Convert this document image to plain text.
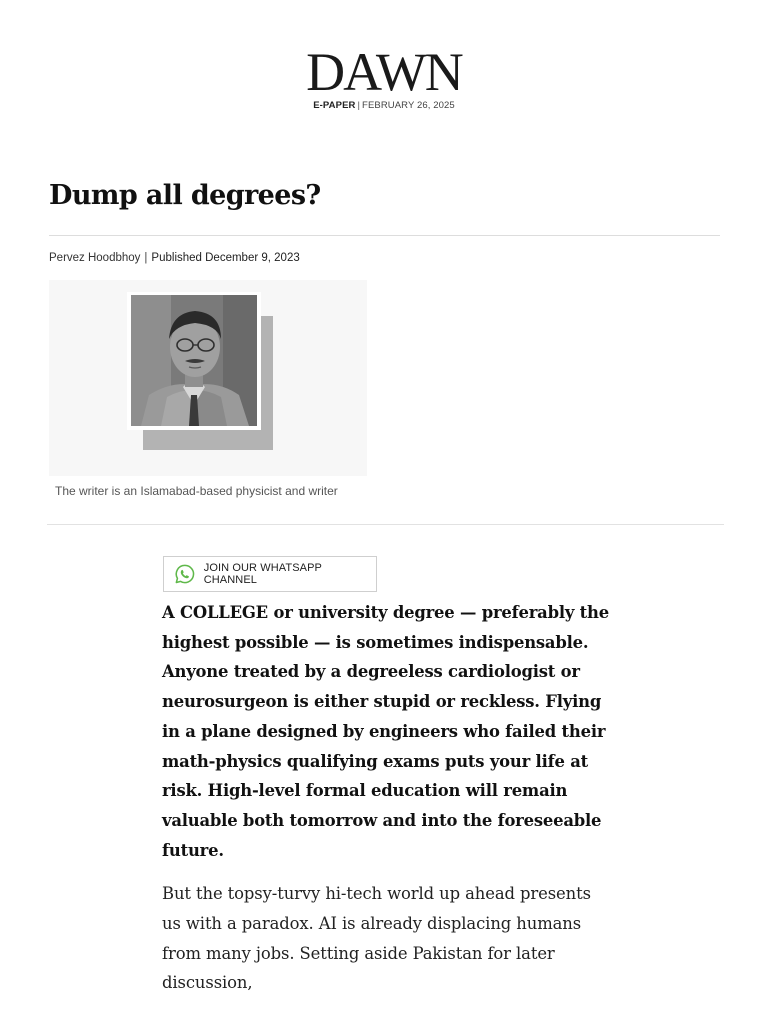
DAWN
E-PAPER | FEBRUARY 26, 2025
Dump all degrees?
Pervez Hoodbhoy | Published December 9, 2023
The writer is an Islamabad-based physicist and writer
JOIN OUR WHATSAPP CHANNEL

A COLLEGE or university degree — preferably the highest possible — is sometimes indispensable. Anyone treated by a degreeless cardiologist or neurosurgeon is either stupid or reckless. Flying in a plane designed by engineers who failed their math-physics qualifying exams puts your life at risk. High-level formal education will remain valuable both tomorrow and into the foreseeable future.

But the topsy-turvy hi-tech world up ahead presents us with a paradox. AI is already displacing humans from many jobs. Setting aside Pakistan for later discussion,
